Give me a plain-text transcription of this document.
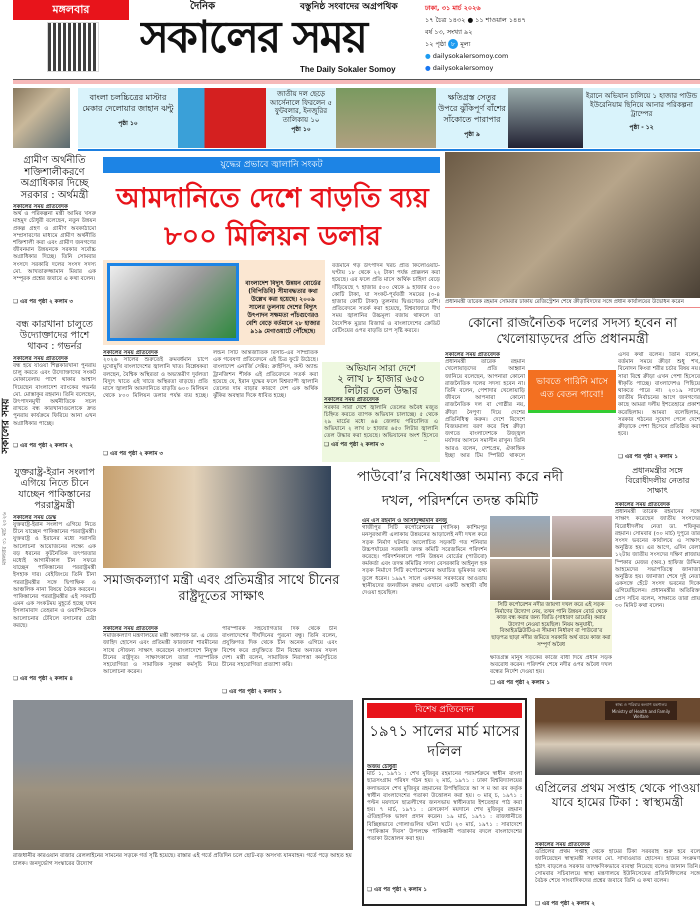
মঙ্গলবার	দৈনিক	বস্তুনিষ্ঠ সংবাদের অগ্রপথিক
সকালের সময়
The Daily Sokaler Somoy
ঢাকা, ৩১ মার্চ ২০২৬
১৭ চৈত্র ১৪৩২ ● ১১ শাওয়াল ১৪৪৭
বর্ষ ১৩, সংখ্যা ৯২
১২ পৃষ্ঠা ৮ মূল্য
● dailysokalersomoy.com
● dailysokalersomoy
বাংলা চলচ্চিত্রের মাস্টার মেকার দেলোয়ার জাহান ঝন্টু
পৃষ্ঠা ১০
জাতীয় দল ছেড়ে আর্সেনালে ফিরলেন ৫ ফুটবলার, ইনজুরির তালিকায় ১০
পৃষ্ঠা ১০
ক্ষতিগ্রস্ত সেতুর উপরে ঝুঁকিপূর্ণ বাঁশের সাঁকোতে পারাপার
পৃষ্ঠা ৯
ইরানে অভিযান চালিয়ে ১ হাজার পাউন্ড ইউরেনিয়াম ছিনিয়ে আনার পরিকল্পনা ট্রাম্পের
পৃষ্ঠা - ১২
গ্রামীণ অর্থনীতি শক্তিশালীকরণে অগ্রাধিকার দিচ্ছে সরকার : অর্থমন্ত্রী
সকালের সময় প্রতিবেদক
অর্থ ও পরিকল্পনা মন্ত্রী আমির খসরু মাহমুদ চৌধুরী বলেছেন, নতুন উন্নয়ন প্রকল্প গ্রহণ ও গ্রামীণ অবকাঠামো সম্প্রসারণের মাধ্যমে গ্রামীণ অর্থনীতি শক্তিশালী করা এবং গ্রামীণ জনগণের জীবনমান উন্নয়নকে সরকার সর্বোচ্চ অগ্রাধিকার দিচ্ছে। তিনি সোমবার সংসদে সরকারি দলের সংসদ সদস্য মো. আখতারুজ্জামান মিয়ার এক সম্পূরক প্রশ্নের জবাবে এ কথা বলেন।
❏ এর পর পৃষ্ঠা ২ কলাম ৩
বন্ধ কারখানা চালুতে উদ্যোক্তাদের পাশে থাকব : গভর্নর
সকালের সময় প্রতিবেদক
বন্ধ হয়ে যাওয়া শিল্পকারখানা পুনরায় চালু করতে এবং উদ্যোক্তাদের সংকট মোকাবেলায় পাশে থাকার আশ্বাস দিয়েছেন বাংলাদেশ ব্যাংকের গভর্নর মো. মোস্তাকুর রহমান। তিনি বলেছেন, উৎপাদনমুখী অর্থনীতিকে সচল রাখতে বন্ধ কারখানাগুলোকে দ্রুত পুনরায় কার্যক্রমে ফিরিয়ে আনা এখন অগ্রাধিকার পাচ্ছে।
❏ এর পর পৃষ্ঠা ২ কলাম ২
যুক্তরাষ্ট্র-ইরান সংলাপ এগিয়ে নিতে চীনে যাচ্ছেন পাকিস্তানের পররাষ্ট্রমন্ত্রী
সকালের সময় ডেস্ক
যুক্তরাষ্ট্র-ইরান সংলাপ এগিয়ে নিতে চীনে যাচ্ছেন পাকিস্তানের পররাষ্ট্রমন্ত্রী। যুক্তরাষ্ট্র ও ইরানের মধ্যে সরাসরি আলোচনা আয়োজনের লক্ষ্যে এক বড় ধরনের কূটনৈতিক তৎপরতার মধ্যেই আগামীকাল চীন সফরে যাচ্ছেন পাকিস্তানের পররাষ্ট্রমন্ত্রী ইসহাক দার। বেইজিংয়ে তিনি চীনা পররাষ্ট্রমন্ত্রীর সঙ্গে দ্বিপাক্ষিক ও আঞ্চলিক নানা বিষয়ে বৈঠক করবেন। পাকিস্তানের পররাষ্ট্রমন্ত্রীর এই সফরটি এমন এক সংকটময় মুহূর্তে হচ্ছে যখন ইসলামাবাদ তেহরান ও ওয়াশিংটনকে আলোচনার টেবিলে বসানোর চেষ্টা করছে।
❏ এর পর পৃষ্ঠা ২ কলাম ৪
সকালের সময়
মঙ্গলবার ৩১ মার্চ ২০২৬
যুদ্ধের প্রভাবে জ্বালানি সংকট
আমদানিতে দেশে বাড়তি ব্যয় ৮০০ মিলিয়ন ডলার
বাংলাদেশ বিদ্যুৎ উন্নয়ন বোর্ডের (বিপিডিবি) সীমাবদ্ধতার কথা উল্লেখ করা হয়েছে। ২০০৯ সালের তুলনায় দেশের বিদ্যুৎ উৎপাদন সক্ষমতা পাঁচগুণেরও বেশি বেড়ে বর্তমানে ২৮ হাজার ৯১৯ মেগাওয়াটে পৌঁছেছে।
বর্তমানে গড় উৎপাদন খরচ প্রতি কিলোওয়াট-ঘণ্টায় ১৮ থেকে ২২ টাকা পর্যন্ত প্রাক্কলন করা হয়েছে। এর ফলে প্রতি মাসে অর্থিক চাহিদা বেড়ে দাঁড়িয়েছে ৭ হাজার ৫০০ থেকে ৯ হাজার ৫০০ কোটি টাকা, যা সংকট-পূর্ববর্তী সময়ের (৩-৪ হাজার কোটি টাকা) তুলনায় দ্বিগুণেরও বেশি। প্রতিবেদনে সতর্ক করা হয়েছে, বিশ্ববাজারে দীর্ঘ সময় জ্বালানির উচ্চমূল্য বজায় থাকলে তা বৈদেশিক মুদ্রার রিজার্ভ ও বাংলাদেশের ক্রেডিট রেটিংয়ের ওপর বাড়তি চাপ সৃষ্টি করবে।
সকালের সময় প্রতিবেদক
২০২৬ সালের শুরুতেই ক্রমবর্ধমান চাপে মুখোমুখি বাংলাদেশের জ্বালানি খাত। বিশ্লেষকরা বলছেন, বৈশ্বিক অস্থিরতা ও অভ্যন্তরীণ দুর্বলতা বিদ্যুৎ খাতে এই খাতে অস্থিরতা বাড়ছে। প্রতি মাসে জ্বালানি আমদানিতে বাড়তি ৬০০ মিলিয়ন থেকে ৮০০ মিলিয়ন ডলার পর্যন্ত ব্যয় হচ্ছে। লন্ডন সিটি আন্তর্জাতিক রিসার্চ-এর সাম্প্রতিক এক গবেষণা প্রতিবেদনে এই চিত্র ফুটে উঠেছে। বাংলাদেশ এনার্জি সেক্টর: ক্রাইসিস, কস্ট অ্যান্ড ট্রানজিশন শীর্ষক এই প্রতিবেদনে সতর্ক করা হয়েছে যে, ইরান যুদ্ধের ফলে বিশ্বব্যাপী জ্বালানি তেলের দাম বাড়ার কারণে দেশ এক অর্থিক ঝুঁকির অবস্থার দিকে ধাবিত হচ্ছে।
❏ এর পর পৃষ্ঠা ২ কলাম ৩
অভিযান সারা দেশে
২ লাখ ৮ হাজার ৬৫০ লিটার তেল উদ্ধার
সকালের সময় প্রতিবেদক
সরকার সারা দেশে জ্বালানি তেলের অবৈধ মজুত চিহ্নিত করতে ব্যাপক অভিযান চালাচ্ছে। ৫ থেকে ২৯ মার্চের মধ্যে ৬৪ জেলায় পরিচালিত এ অভিযানে ২ লাখ ৮ হাজার ৬৫০ লিটার জ্বালানি তেল উদ্ধার করা হয়েছে। অভিযানের অংশ হিসেবে
❏ এর পর পৃষ্ঠা ২ কলাম ৩
প্রধানমন্ত্রী তারেক রহমান সোমবার ঢাকায় রেজিস্ট্রেশন শেষে ক্রীড়াবিদদের সঙ্গে প্রধান কার্যালয়ের উদ্বোধন করেন
কোনো রাজনৈতিক দলের সদস্য হবেন না খেলোয়াড়দের প্রতি প্রধানমন্ত্রী
সকালের সময় প্রতিবেদক
প্রধানমন্ত্রী তারেক রহমান খেলোয়াড়দের প্রতি আহ্বান জানিয়ে বলেছেন, আপনারা কোনো রাজনৈতিক দলের সদস্য হবেন না। তিনি বলেন, পেশাদার খেলোয়াড়ি জীবনে আপনারা কোনো রাজনৈতিক দল বা গোষ্ঠীর নয়, ক্রীড়া নৈপুণ্য দিয়ে দেশের প্রতিনিধিত্ব করুন। দেশে বিদেশে বিজয়মাল্য বরণ করে বিশ্ব ক্রীড়া জগতে বাংলাদেশকে উজ্জ্বল মর্যাদার আসনে সমাসীন রাখুন। তিনি আরও বলেন, দেশপ্রেম, ঐকান্তিক ইচ্ছা আর টিম স্পিরিট থাকলে
ভাবতে পারিনি মাসে এত বেতন পাবো!
এসব কথা বলেন। তিনি বলেন, বর্তমান সময়ে ক্রীড়া শুধু শখ, বিনোদন কিংবা শরীর চর্চার বিষয় নয়। সারা বিশ্বে ক্রীড়া এখন পেশা হিসেবে স্বীকৃতি পাচ্ছে। বাংলাদেশও পিছিয়ে থাকতে পারে না। ২০১৯ সালে জাতীয় নির্বাচনের আগে জনগণের কাছে আমরা দলীয় ইশতেহারে প্রকাশ করেছিলাম। আমরা বলেছিলাম, সরকার গঠনের সুযোগ পেলে দেশে ক্রীড়াকে পেশা হিসেবে প্রতিষ্ঠিত করা হবে।
❏ এর পর পৃষ্ঠা ২ কলাম ১
সমাজকল্যাণ মন্ত্রী এবং প্রতিমন্ত্রীর সাথে চীনের রাষ্ট্রদূতের সাক্ষাৎ
সকালের সময় প্রতিবেদক
সমাজকল্যাণ মন্ত্রণালয়ের মন্ত্রী অধ্যাপক ডা. এ জেড জাহিদ হোসেন এবং প্রতিমন্ত্রী ফারজানা শারমীনের সাথে সৌজন্য সাক্ষাৎ করেছেন বাংলাদেশে নিযুক্ত চীনের রাষ্ট্রদূত। সাক্ষাৎকালে তারা পারস্পরিক সহযোগিতা ও সামাজিক সুরক্ষা কর্মসূচি নিয়ে আলোচনা করেন।
পারস্পরিক সহযোগিতার দিক থেকে চীন বাংলাদেশের দীর্ঘদিনের পুরনো বন্ধু। তিনি বলেন, প্রযুক্তিগত দিক থেকে চীন অনেক এগিয়ে এবং বিশেষ করে প্রযুক্তিতে চীন বিশ্বের অন্যতম সফল দেশ। মন্ত্রী বলেন, সামাজিক নিরাপত্তা কর্মসূচিতে চীনের সহযোগিতা প্রত্যাশা করি।
❏ এর পর পৃষ্ঠা ২ কলাম ১
পাউবো’র নিষেধাজ্ঞা অমান্য করে নদী দখল, পরিদর্শনে তদন্ত কমিটি
এম এস রহমান ও আসাদুজ্জামান রনজু
গাজীপুর সিটি কর্পোরেশনের (গাসিক) কাশিমপুর মনসুরআলী এলাকায় উন্নয়নের আড়ালেই নদী দখল করে সড়ক নির্মাণ ঘটনায় আলোচিত সড়কটি গত শনিবার উচ্চপর্যায়ের সরকারি তদন্ত কমিটি সরেজমিনে পরিদর্শন করেছে। পরিদর্শনকালে পানি উন্নয়ন বোর্ডের (পাউবো) কর্মকর্তা এবং তদন্ত কমিটির সদস্য বেসরকারি আইনুল হক সড়ক নির্মাণে সিটি কর্পোরেশনের অযাচিত ভূমিকার তথ্য তুলে ধরেন। ১৯৯৭ সালে একসময় সরকারের আওতায় স্থানীয়দের জনজীবন রক্ষায় এখানে একটি অস্থায়ী বাঁধ দেওয়া হয়েছিল।
সিটি কর্পোরেশন নদীর জায়গা দখল করে এই সড়ক নির্মাণের উদ্যোগ নেয়, তখন পানি উন্নয়ন বোর্ড থেকে কাজ বন্ধ করার জন্য জিডি (সাধারণ ডায়েরি) করার উদ্যোগ নেওয়া হয়েছিল। নিয়ম অনুযায়ী, বিআইডব্লিউটিএ-র সীমানা নির্ধারণ বা পাউবো’র ছাড়পত্র ছাড়া নদীর জমিতে সরকারি অর্থ ব্যয়ে কাজ করা সম্পূর্ণ অবৈধ
ক্ষতিগ্রস্ত মানুষ সড়কের কাজে বাধা দিয়ে প্রধান সড়ক অবরোধ করেন। পরিদর্শন শেষে নদীর ওপর অবৈধ দখল বন্ধের নির্দেশ দেওয়া হয়।
❏ এর পর পৃষ্ঠা ২ কলাম ১
প্রধানমন্ত্রীর সঙ্গে বিরোধীদলীয় নেতার সাক্ষাৎ
সকালের সময় প্রতিবেদক
প্রধানমন্ত্রী তারেক রহমানের সঙ্গে সাক্ষাৎ করেছেন জাতীয় সংসদের বিরোধীদলীয় নেতা ডা. শফিকুর রহমান। সোমবার (৩০ মার্চ) দুপুরে তার সংসদ ভবনের কার্যালয়ে এ সাক্ষাৎ অনুষ্ঠিত হয়। এর আগে, এদিন বেলা ১২টায় জাতীয় সংসদের দক্ষিণ প্লাজায় স্পিকার মেজর (অব.) হাফিজ উদ্দিন আহমেদের সভাপতিত্বে জানাজা অনুষ্ঠিত হয়। জানাজা শেষে দুই নেতা একসঙ্গে হেঁটে সংসদ ভবনের দিকে এগিয়েছিলেন। প্রধানমন্ত্রীর অতিরিক্ত প্রেস সচিব বলেন, সাক্ষাতে তারা প্রায় ৩০ মিনিট কথা বলেন।
রাজধানীর কারওয়ান বাজার রেললাইনের সামনের সড়কে গর্ত সৃষ্টি হয়েছে। রাস্তার এই গর্তে প্রতিদিন চলে ছোট-বড় অসংখ্য যানবাহন। গর্তে পড়ে আহত হয় চালক। জনদুর্ভোগ সংস্কারের উদ্যোগ
বিশেষ প্রতিবেদন
১৯৭১ সালের মার্চ মাসের দলিল
অজয় চৌধুরী
মার্চ ১, ১৯৭১ : শেখ মুজিবুর রহমানের পরামর্শক্রমে স্বাধীন বাংলা ছাত্রসংগ্রাম পরিষদ গঠন হয়। ২ মার্চ, ১৯৭১ : ঢাকা বিশ্ববিদ্যালয়ের কলাভবনে শেখ মুজিবুর রহমানের উপস্থিতিতে আ স ম আ রব কর্তৃক স্বাধীন বাংলাদেশের পতাকা উত্তোলন করা হয়। ৩ মার্ চ, ১৯৭১ : পল্টন ময়দানে ছাত্রলীগের জনসভায় স্বাধীনতার ইশতেহার পাঠ করা হয়। ৭ মার্চ, ১৯৭১ : রেসকোর্স ময়দানে শেখ মুজিবুর রহমান ঐতিহাসিক ভাষণ প্রদান করেন। ১৯ মার্চ, ১৯৭১ : রাজধানীতে বিচ্ছিন্নভাবে গোলাগুলির ঘটনা ঘটে। ২৩ মার্চ, ১৯৭১ : সারাদেশে ‘পাকিস্তান দিবস’ উপলক্ষে পাকিস্তানী পতাকার বদলে বাংলাদেশের পতাকা উত্তোলন করা হয়।
❏ এর পর পৃষ্ঠা ২ কলাম ১
স্বাস্থ্য ও পরিবার কল্যাণ মন্ত্রণালয়
Ministry of Health and Family Welfare
এপ্রিলের প্রথম সপ্তাহ থেকে পাওয়া যাবে হামের টিকা : স্বাস্থ্যমন্ত্রী
সকালের সময় প্রতিবেদক
এপ্রিলের প্রথম সপ্তাহ থেকে হামের টিকা সরবরাহ শুরু হবে বলে জানিয়েছেন স্বাস্থ্যমন্ত্রী সরদার মো. সাখাওয়াত হোসেন। হামের সংক্রমণ হঠাৎ বাড়লেও সরকার তাৎক্ষণিকভাবে ব্যবস্থা নিয়েছে বলেও জানান তিনি। সোমবার সচিবালয়ে স্বাস্থ্য মন্ত্রণালয়ে ইউনিসেফের প্রতিনিধিদলের সঙ্গে বৈঠক শেষে সাংবাদিকদের প্রশ্নের জবাবে তিনি এ কথা বলেন।
❏ এর পর পৃষ্ঠা ২ কলাম ২
